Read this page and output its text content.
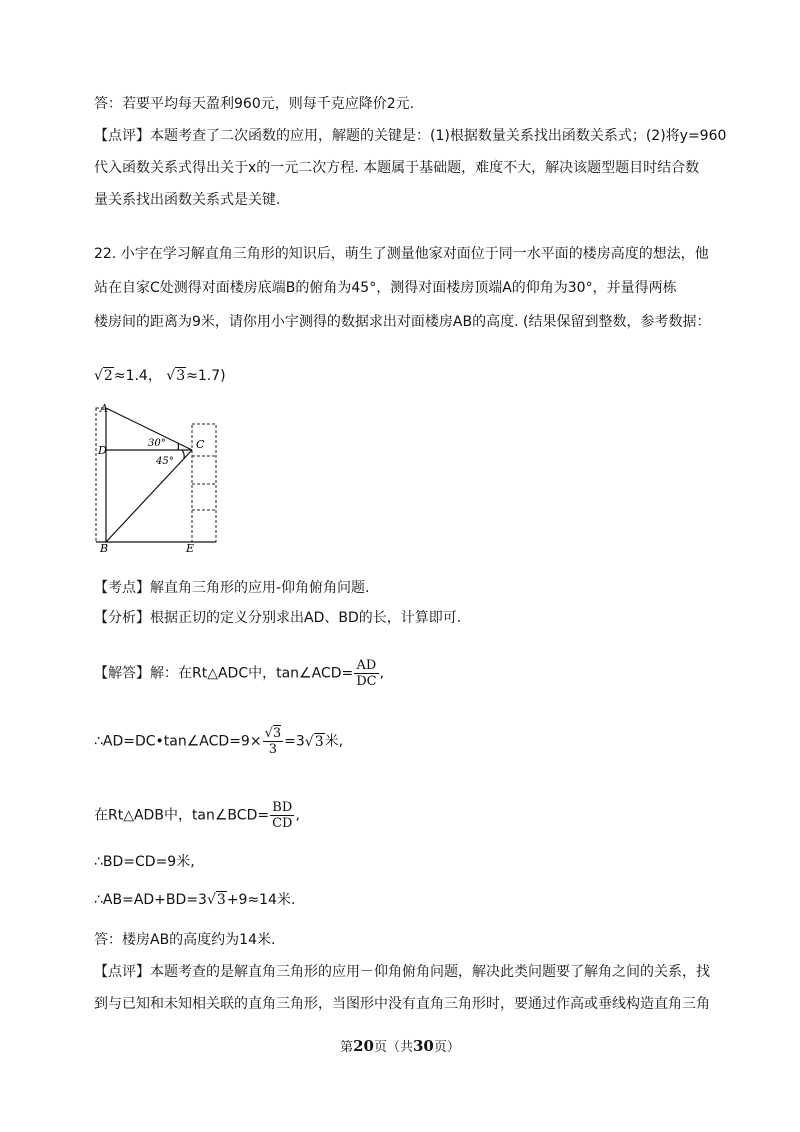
答：若要平均每天盈利960元，则每千克应降价2元.
【点评】本题考查了二次函数的应用，解题的关键是：(1)根据数量关系找出函数关系式；(2)将y=960
代入函数关系式得出关于x的一元二次方程. 本题属于基础题，难度不大，解决该题型题目时结合数
量关系找出函数关系式是关键.
22. 小宇在学习解直角三角形的知识后，萌生了测量他家对面位于同一水平面的楼房高度的想法，他
站在自家C处测得对面楼房底端B的俯角为45°，测得对面楼房顶端A的仰角为30°，并量得两栋
楼房间的距离为9米，请你用小宇测得的数据求出对面楼房AB的高度. (结果保留到整数，参考数据：
√2≈1.4， √3≈1.7)
A
D
B
C
E
30°
45°
【考点】解直角三角形的应用-仰角俯角问题.
【分析】根据正切的定义分别求出AD、BD的长，计算即可.
【解答】解：在Rt△ADC中，tan∠ACD= $\frac{AD}{DC}$ ,
∴AD=DC•tan∠ACD=9× $\frac{√3}{3} =3√3$米,
在Rt△ADB中，tan∠BCD= $\frac{BD}{CD}$ ,
∴BD=CD=9米,
∴AB=AD+BD=3√3+9≈14米.
答：楼房AB的高度约为14米.
【点评】本题考查的是解直角三角形的应用－仰角俯角问题，解决此类问题要了解角之间的关系，找
到与已知和未知相关联的直角三角形，当图形中没有直角三角形时，要通过作高或垂线构造直角三角
第20页（共30页）
